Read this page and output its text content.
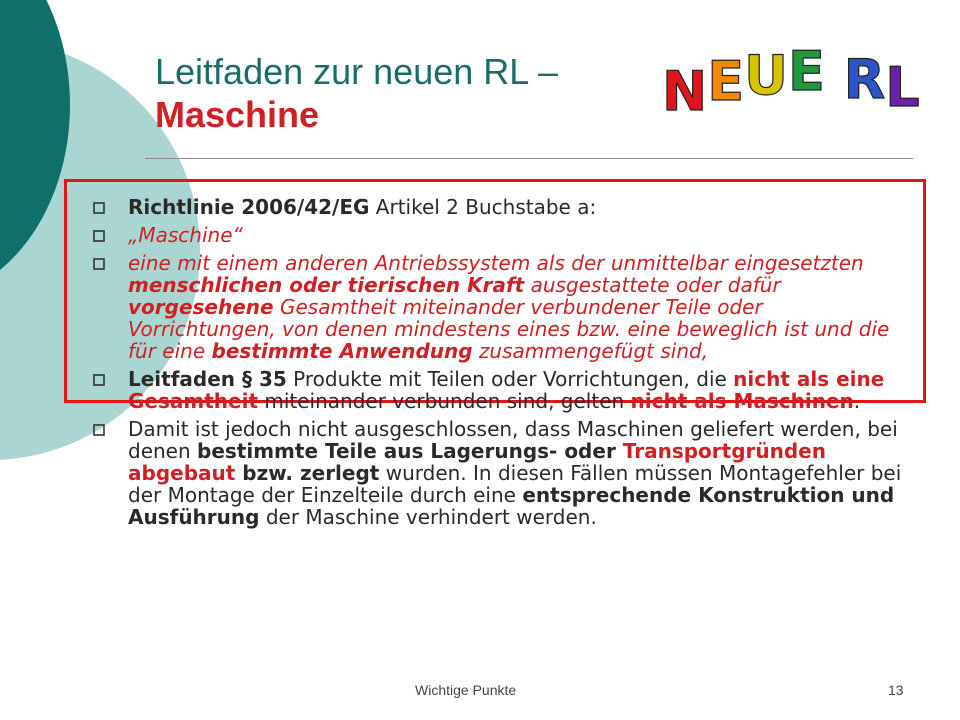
Leitfaden zur neuen RL –
Maschine	NEUE RL
Richtlinie 2006/42/EG Artikel 2 Buchstabe a:
„Maschine“
eine mit einem anderen Antriebssystem als der unmittelbar eingesetzten menschlichen oder tierischen Kraft ausgestattete oder dafür vorgesehene Gesamtheit miteinander verbundener Teile oder Vorrichtungen, von denen mindestens eines bzw. eine beweglich ist und die für eine bestimmte Anwendung zusammengefügt sind,
Leitfaden § 35 Produkte mit Teilen oder Vorrichtungen, die nicht als eine Gesamtheit miteinander verbunden sind, gelten nicht als Maschinen.
Damit ist jedoch nicht ausgeschlossen, dass Maschinen geliefert werden, bei denen bestimmte Teile aus Lagerungs- oder Transportgründen abgebaut bzw. zerlegt wurden. In diesen Fällen müssen Montagefehler bei der Montage der Einzelteile durch eine entsprechende Konstruktion und Ausführung der Maschine verhindert werden.
Wichtige Punkte	13
